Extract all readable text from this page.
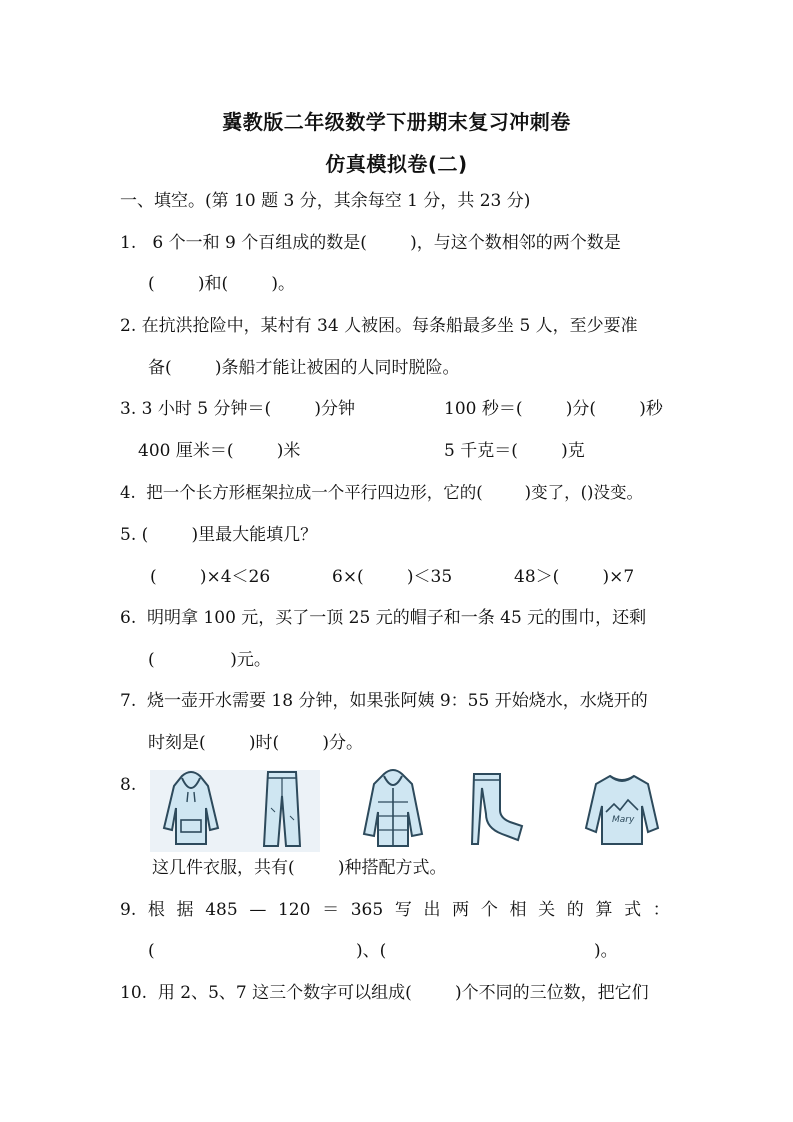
冀教版二年级数学下册期末复习冲刺卷
仿真模拟卷(二)
一、填空。(第 10 题 3 分，其余每空 1 分，共 23 分)
1.   6 个一和 9 个百组成的数是(        )，与这个数相邻的两个数是
(        )和(        )。
2. 在抗洪抢险中，某村有 34 人被困。每条船最多坐 5 人，至少要准
备(        )条船才能让被困的人同时脱险。
3. 3 小时 5 分钟＝(        )分钟	100 秒＝(        )分(        )秒
400 厘米＝(        )米	5 千克＝(        )克
4.  把一个长方形框架拉成一个平行四边形，它的(        )变了，()没变。
5. (        )里最大能填几？
(        )×4＜26	6×(        )＜35	48＞(        )×7
6.  明明拿 100 元，买了一顶 25 元的帽子和一条 45 元的围巾，还剩
(              )元。
7.  烧一壶开水需要 18 分钟，如果张阿姨 9：55 开始烧水，水烧开的
时刻是(        )时(        )分。
8.
Mary
这几件衣服，共有(        )种搭配方式。
9. 根 据 485 — 120 ＝ 365 写 出 两 个 相 关 的 算 式 ：
(	)、(	)。
10.  用 2、5、7 这三个数字可以组成(        )个不同的三位数，把它们
